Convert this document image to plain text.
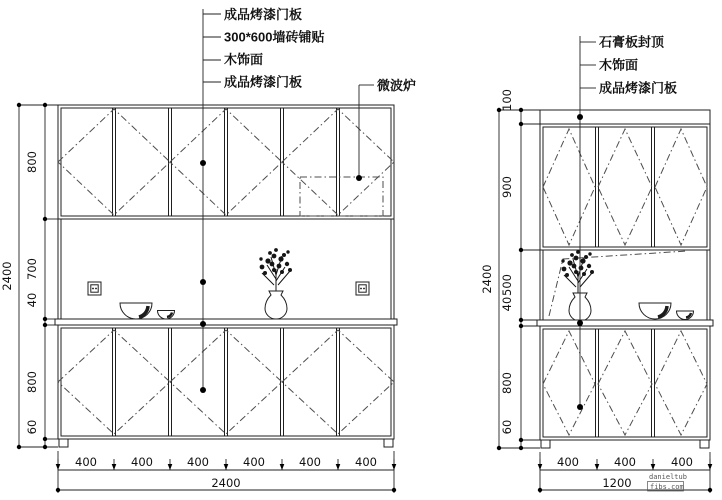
800
700
40
800
60
2400
400	400	400	400	400	400
2400
成品烤漆门板
300*600墙砖铺贴
木饰面
成品烤漆门板	微波炉
100
900
500
40
800
60
2400
400	400	400
1200
石膏板封顶
木饰面
成品烤漆门板
danieltub
fibs.com
